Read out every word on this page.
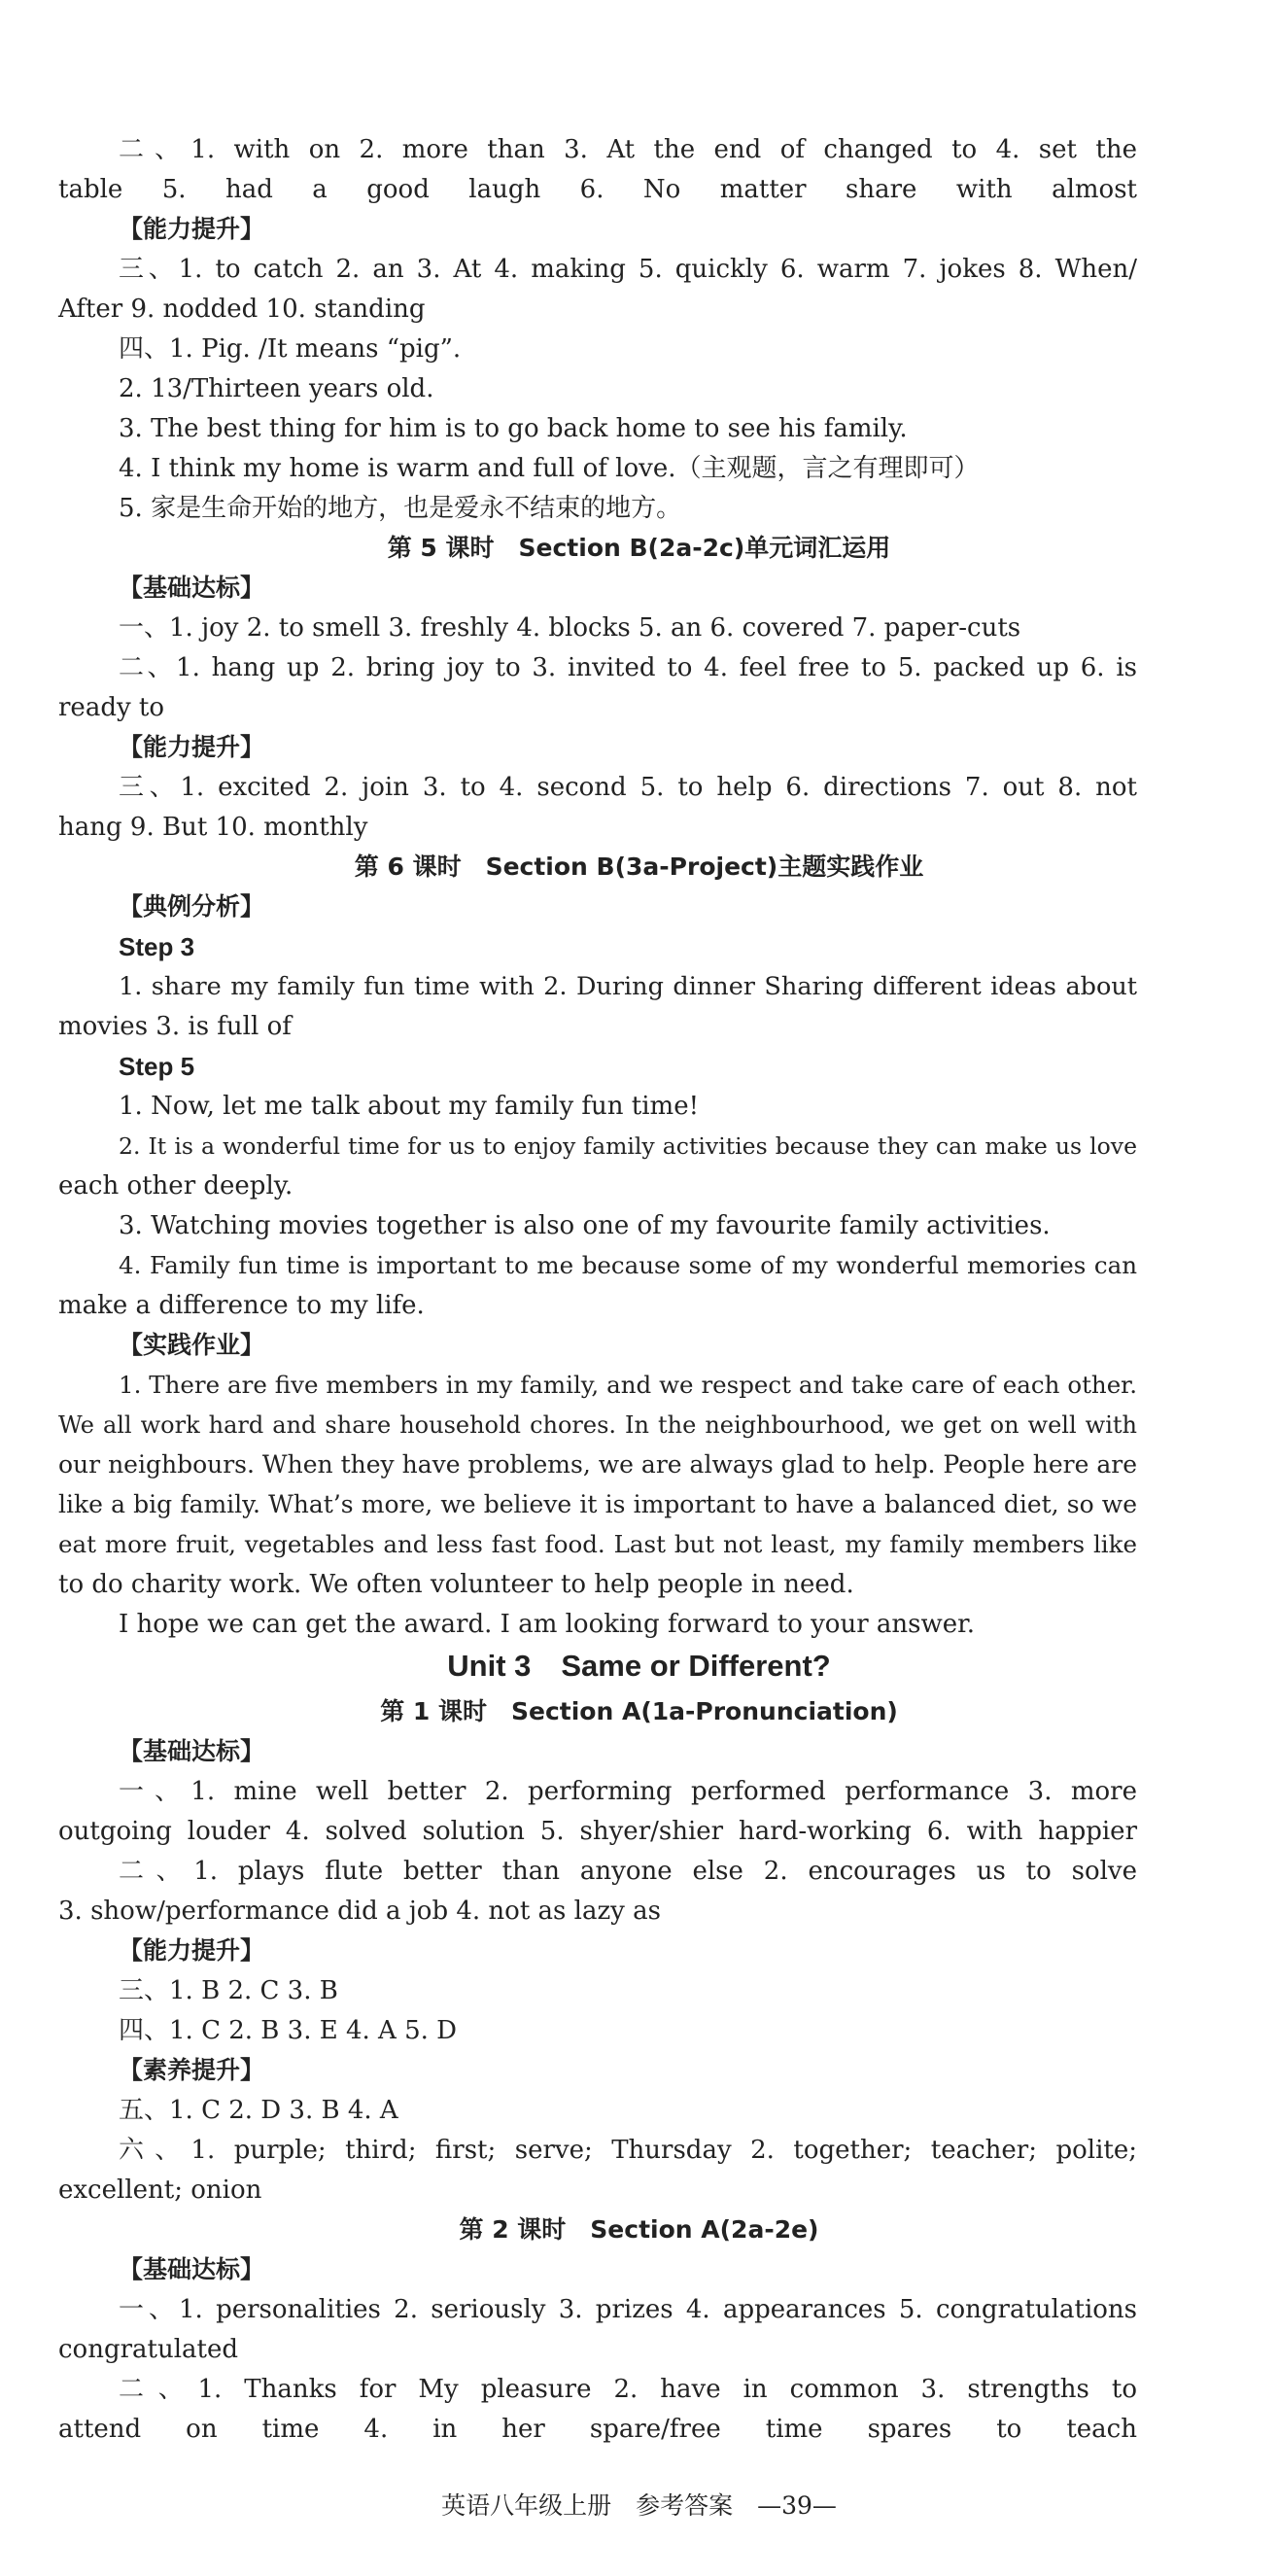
二、1. with on 2. more than 3. At the end of changed to 4. set the
table 5. had a good laugh 6. No matter share with almost
【能力提升】
三、1. to catch 2. an 3. At 4. making 5. quickly 6. warm 7. jokes 8. When/
After 9. nodded 10. standing
四、1. Pig. /It means “pig”.
2. 13/Thirteen years old.
3. The best thing for him is to go back home to see his family.
4. I think my home is warm and full of love.（主观题，言之有理即可）
5. 家是生命开始的地方，也是爱永不结束的地方。
第 5 课时　Section B(2a-2c)单元词汇运用
【基础达标】
一、1. joy 2. to smell 3. freshly 4. blocks 5. an 6. covered 7. paper-cuts
二、1. hang up 2. bring joy to 3. invited to 4. feel free to 5. packed up 6. is
ready to
【能力提升】
三、1. excited 2. join 3. to 4. second 5. to help 6. directions 7. out 8. not
hang 9. But 10. monthly
第 6 课时　Section B(3a-Project)主题实践作业
【典例分析】
Step 3
1. share my family fun time with 2. During dinner Sharing different ideas about
movies 3. is full of
Step 5
1. Now, let me talk about my family fun time!
2. It is a wonderful time for us to enjoy family activities because they can make us love
each other deeply.
3. Watching movies together is also one of my favourite family activities.
4. Family fun time is important to me because some of my wonderful memories can
make a difference to my life.
【实践作业】
1. There are five members in my family, and we respect and take care of each other.
We all work hard and share household chores. In the neighbourhood, we get on well with
our neighbours. When they have problems, we are always glad to help. People here are
like a big family. What’s more, we believe it is important to have a balanced diet, so we
eat more fruit, vegetables and less fast food. Last but not least, my family members like
to do charity work. We often volunteer to help people in need.
I hope we can get the award. I am looking forward to your answer.
Unit 3　Same or Different?
第 1 课时　Section A(1a-Pronunciation)
【基础达标】
一、1. mine well better 2. performing performed performance 3. more
outgoing louder 4. solved solution 5. shyer/shier hard-working 6. with happier
二、1. plays flute better than anyone else 2. encourages us to solve
3. show/performance did a job 4. not as lazy as
【能力提升】
三、1. B 2. C 3. B
四、1. C 2. B 3. E 4. A 5. D
【素养提升】
五、1. C 2. D 3. B 4. A
六、1. purple; third; first; serve; Thursday 2. together; teacher; polite;
excellent; onion
第 2 课时　Section A(2a-2e)
【基础达标】
一、1. personalities 2. seriously 3. prizes 4. appearances 5. congratulations
congratulated
二、1. Thanks for My pleasure 2. have in common 3. strengths to
attend on time 4. in her spare/free time spares to teach
英语八年级上册　参考答案　—39—
